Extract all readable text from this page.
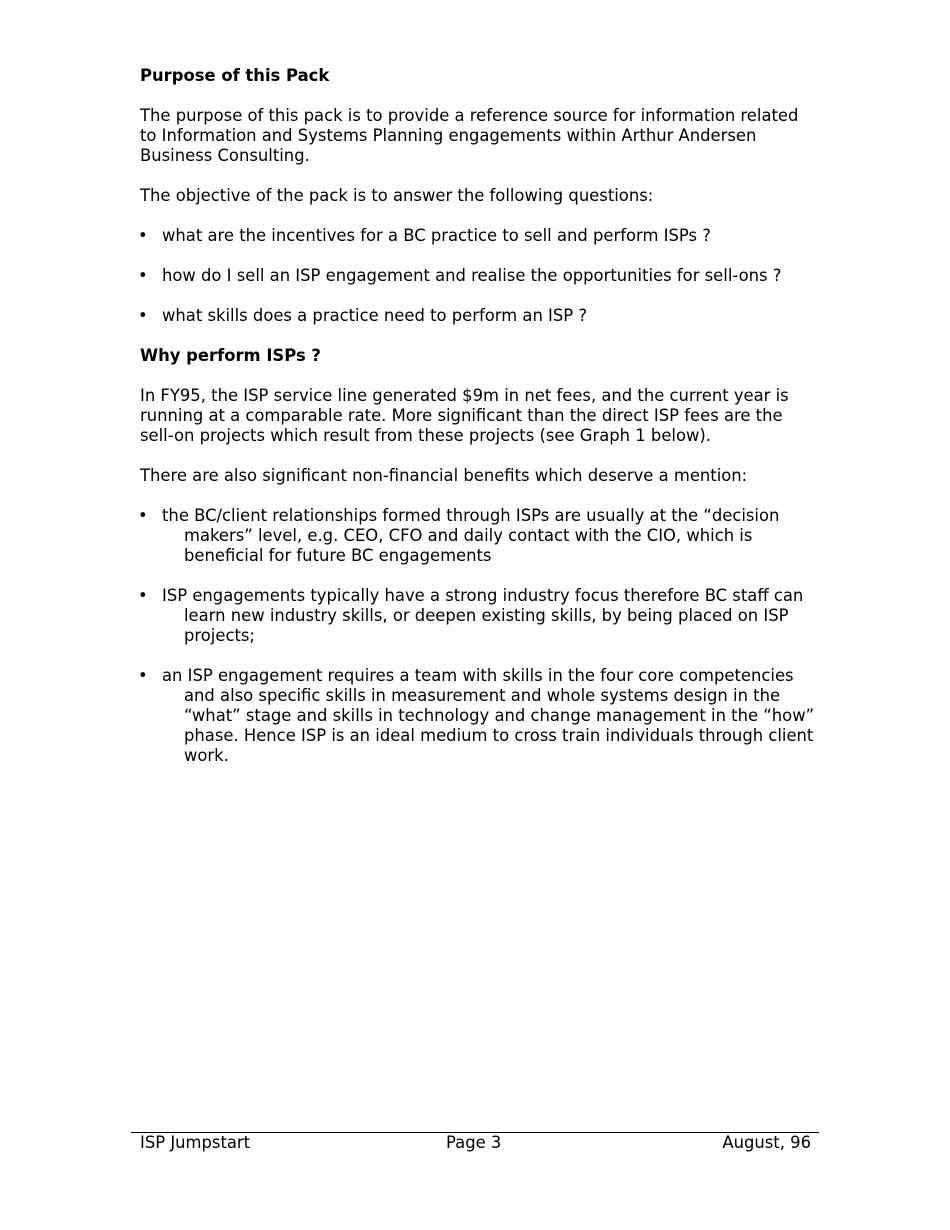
Purpose of this Pack

The purpose of this pack is to provide a reference source for information related to Information and Systems Planning engagements within Arthur Andersen Business Consulting.

The objective of the pack is to answer the following questions:

• what are the incentives for a BC practice to sell and perform ISPs ?
• how do I sell an ISP engagement and realise the opportunities for sell-ons ?
• what skills does a practice need to perform an ISP ?

Why perform ISPs ?

In FY95, the ISP service line generated $9m in net fees, and the current year is running at a comparable rate. More significant than the direct ISP fees are the sell-on projects which result from these projects (see Graph 1 below).

There are also significant non-financial benefits which deserve a mention:

• the BC/client relationships formed through ISPs are usually at the “decision makers” level, e.g. CEO, CFO and daily contact with the CIO, which is beneficial for future BC engagements
• ISP engagements typically have a strong industry focus therefore BC staff can learn new industry skills, or deepen existing skills, by being placed on ISP projects;
• an ISP engagement requires a team with skills in the four core competencies and also specific skills in measurement and whole systems design in the “what” stage and skills in technology and change management in the “how” phase. Hence ISP is an ideal medium to cross train individuals through client work.
ISP Jumpstart	Page 3	August, 96
